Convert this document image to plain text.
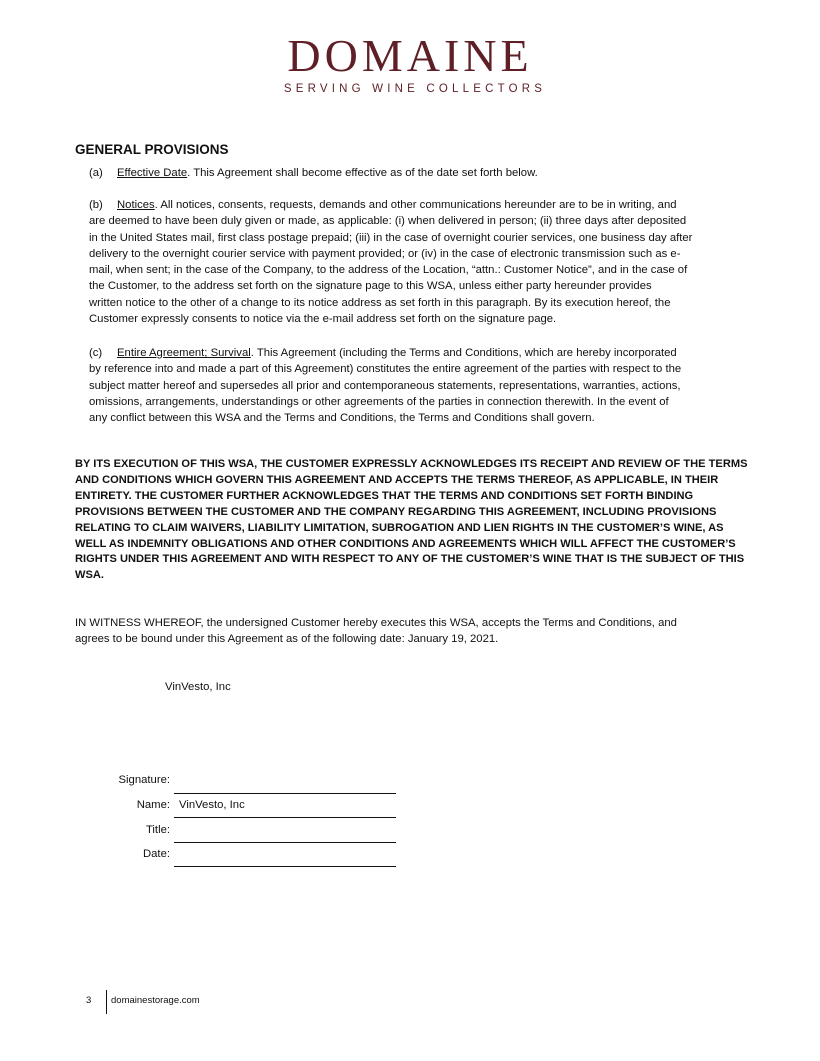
DOMAINE
SERVING WINE COLLECTORS
GENERAL PROVISIONS
(a) Effective Date. This Agreement shall become effective as of the date set forth below.
(b) Notices. All notices, consents, requests, demands and other communications hereunder are to be in writing, and
are deemed to have been duly given or made, as applicable: (i) when delivered in person; (ii) three days after deposited
in the United States mail, first class postage prepaid; (iii) in the case of overnight courier services, one business day after
delivery to the overnight courier service with payment provided; or (iv) in the case of electronic transmission such as e-
mail, when sent; in the case of the Company, to the address of the Location, “attn.: Customer Notice”, and in the case of
the Customer, to the address set forth on the signature page to this WSA, unless either party hereunder provides
written notice to the other of a change to its notice address as set forth in this paragraph. By its execution hereof, the
Customer expressly consents to notice via the e-mail address set forth on the signature page.
(c) Entire Agreement; Survival. This Agreement (including the Terms and Conditions, which are hereby incorporated
by reference into and made a part of this Agreement) constitutes the entire agreement of the parties with respect to the
subject matter hereof and supersedes all prior and contemporaneous statements, representations, warranties, actions,
omissions, arrangements, understandings or other agreements of the parties in connection therewith. In the event of
any conflict between this WSA and the Terms and Conditions, the Terms and Conditions shall govern.
BY ITS EXECUTION OF THIS WSA, THE CUSTOMER EXPRESSLY ACKNOWLEDGES ITS RECEIPT AND REVIEW OF THE TERMS
AND CONDITIONS WHICH GOVERN THIS AGREEMENT AND ACCEPTS THE TERMS THEREOF, AS APPLICABLE, IN THEIR
ENTIRETY. THE CUSTOMER FURTHER ACKNOWLEDGES THAT THE TERMS AND CONDITIONS SET FORTH BINDING
PROVISIONS BETWEEN THE CUSTOMER AND THE COMPANY REGARDING THIS AGREEMENT, INCLUDING PROVISIONS
RELATING TO CLAIM WAIVERS, LIABILITY LIMITATION, SUBROGATION AND LIEN RIGHTS IN THE CUSTOMER’S WINE, AS
WELL AS INDEMNITY OBLIGATIONS AND OTHER CONDITIONS AND AGREEMENTS WHICH WILL AFFECT THE CUSTOMER’S
RIGHTS UNDER THIS AGREEMENT AND WITH RESPECT TO ANY OF THE CUSTOMER’S WINE THAT IS THE SUBJECT OF THIS
WSA.
IN WITNESS WHEREOF, the undersigned Customer hereby executes this WSA, accepts the Terms and Conditions, and
agrees to be bound under this Agreement as of the following date: January 19, 2021.
VinVesto, Inc
Signature:
Name: VinVesto, Inc
Title:
Date:
3 domainestorage.com
